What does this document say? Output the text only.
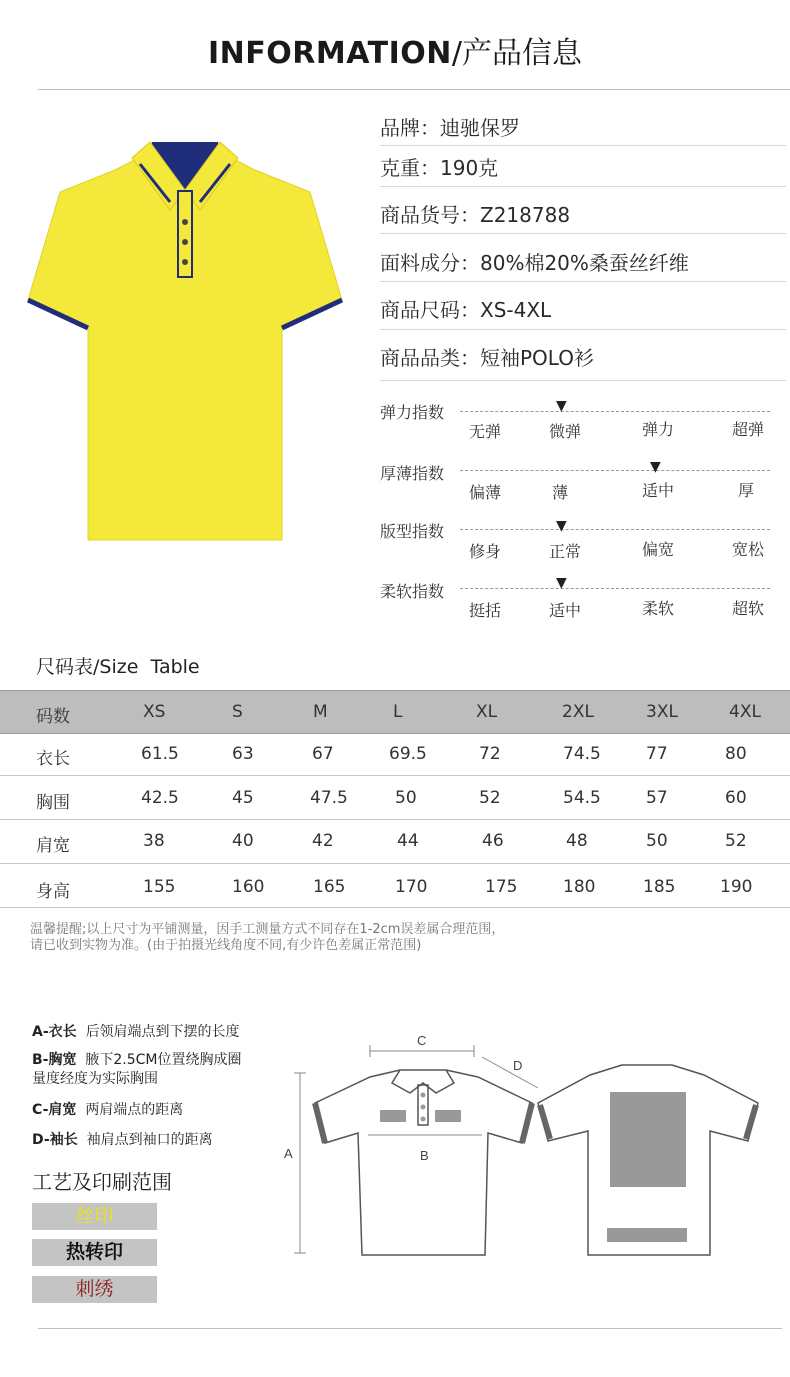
INFORMATION/产品信息
品牌：迪驰保罗
克重：190克
商品货号：Z218788
面料成分：80%棉20%桑蚕丝纤维
商品尺码：XS-4XL
商品品类：短袖POLO衫
弹力指数	▼
无弹	微弹	弹力	超弹
厚薄指数	▼
偏薄	薄	适中	厚
版型指数	▼
修身	正常	偏宽	宽松
柔软指数	▼
挺括	适中	柔软	超软
尺码表/Size  Table
码数	XS	S	M	L	XL	2XL	3XL	4XL
衣长	61.5	63	67	69.5	72	74.5	77	80
胸围	42.5	45	47.5	50	52	54.5	57	60
肩宽	38	40	42	44	46	48	50	52
身高	155	160	165	170	175	180	185	190
温馨提醒;以上尺寸为平铺测量，因手工测量方式不同存在1-2cm误差属合理范围，
请已收到实物为准。(由于拍摄光线角度不同,有少许色差属正常范围)
A-衣长 后领肩端点到下摆的长度
B-胸宽 腋下2.5CM位置绕胸成圈
量度经度为实际胸围
C-肩宽 两肩端点的距离
D-袖长 袖肩点到袖口的距离
工艺及印刷范围
丝印
热转印
刺绣
C
A	B
D
